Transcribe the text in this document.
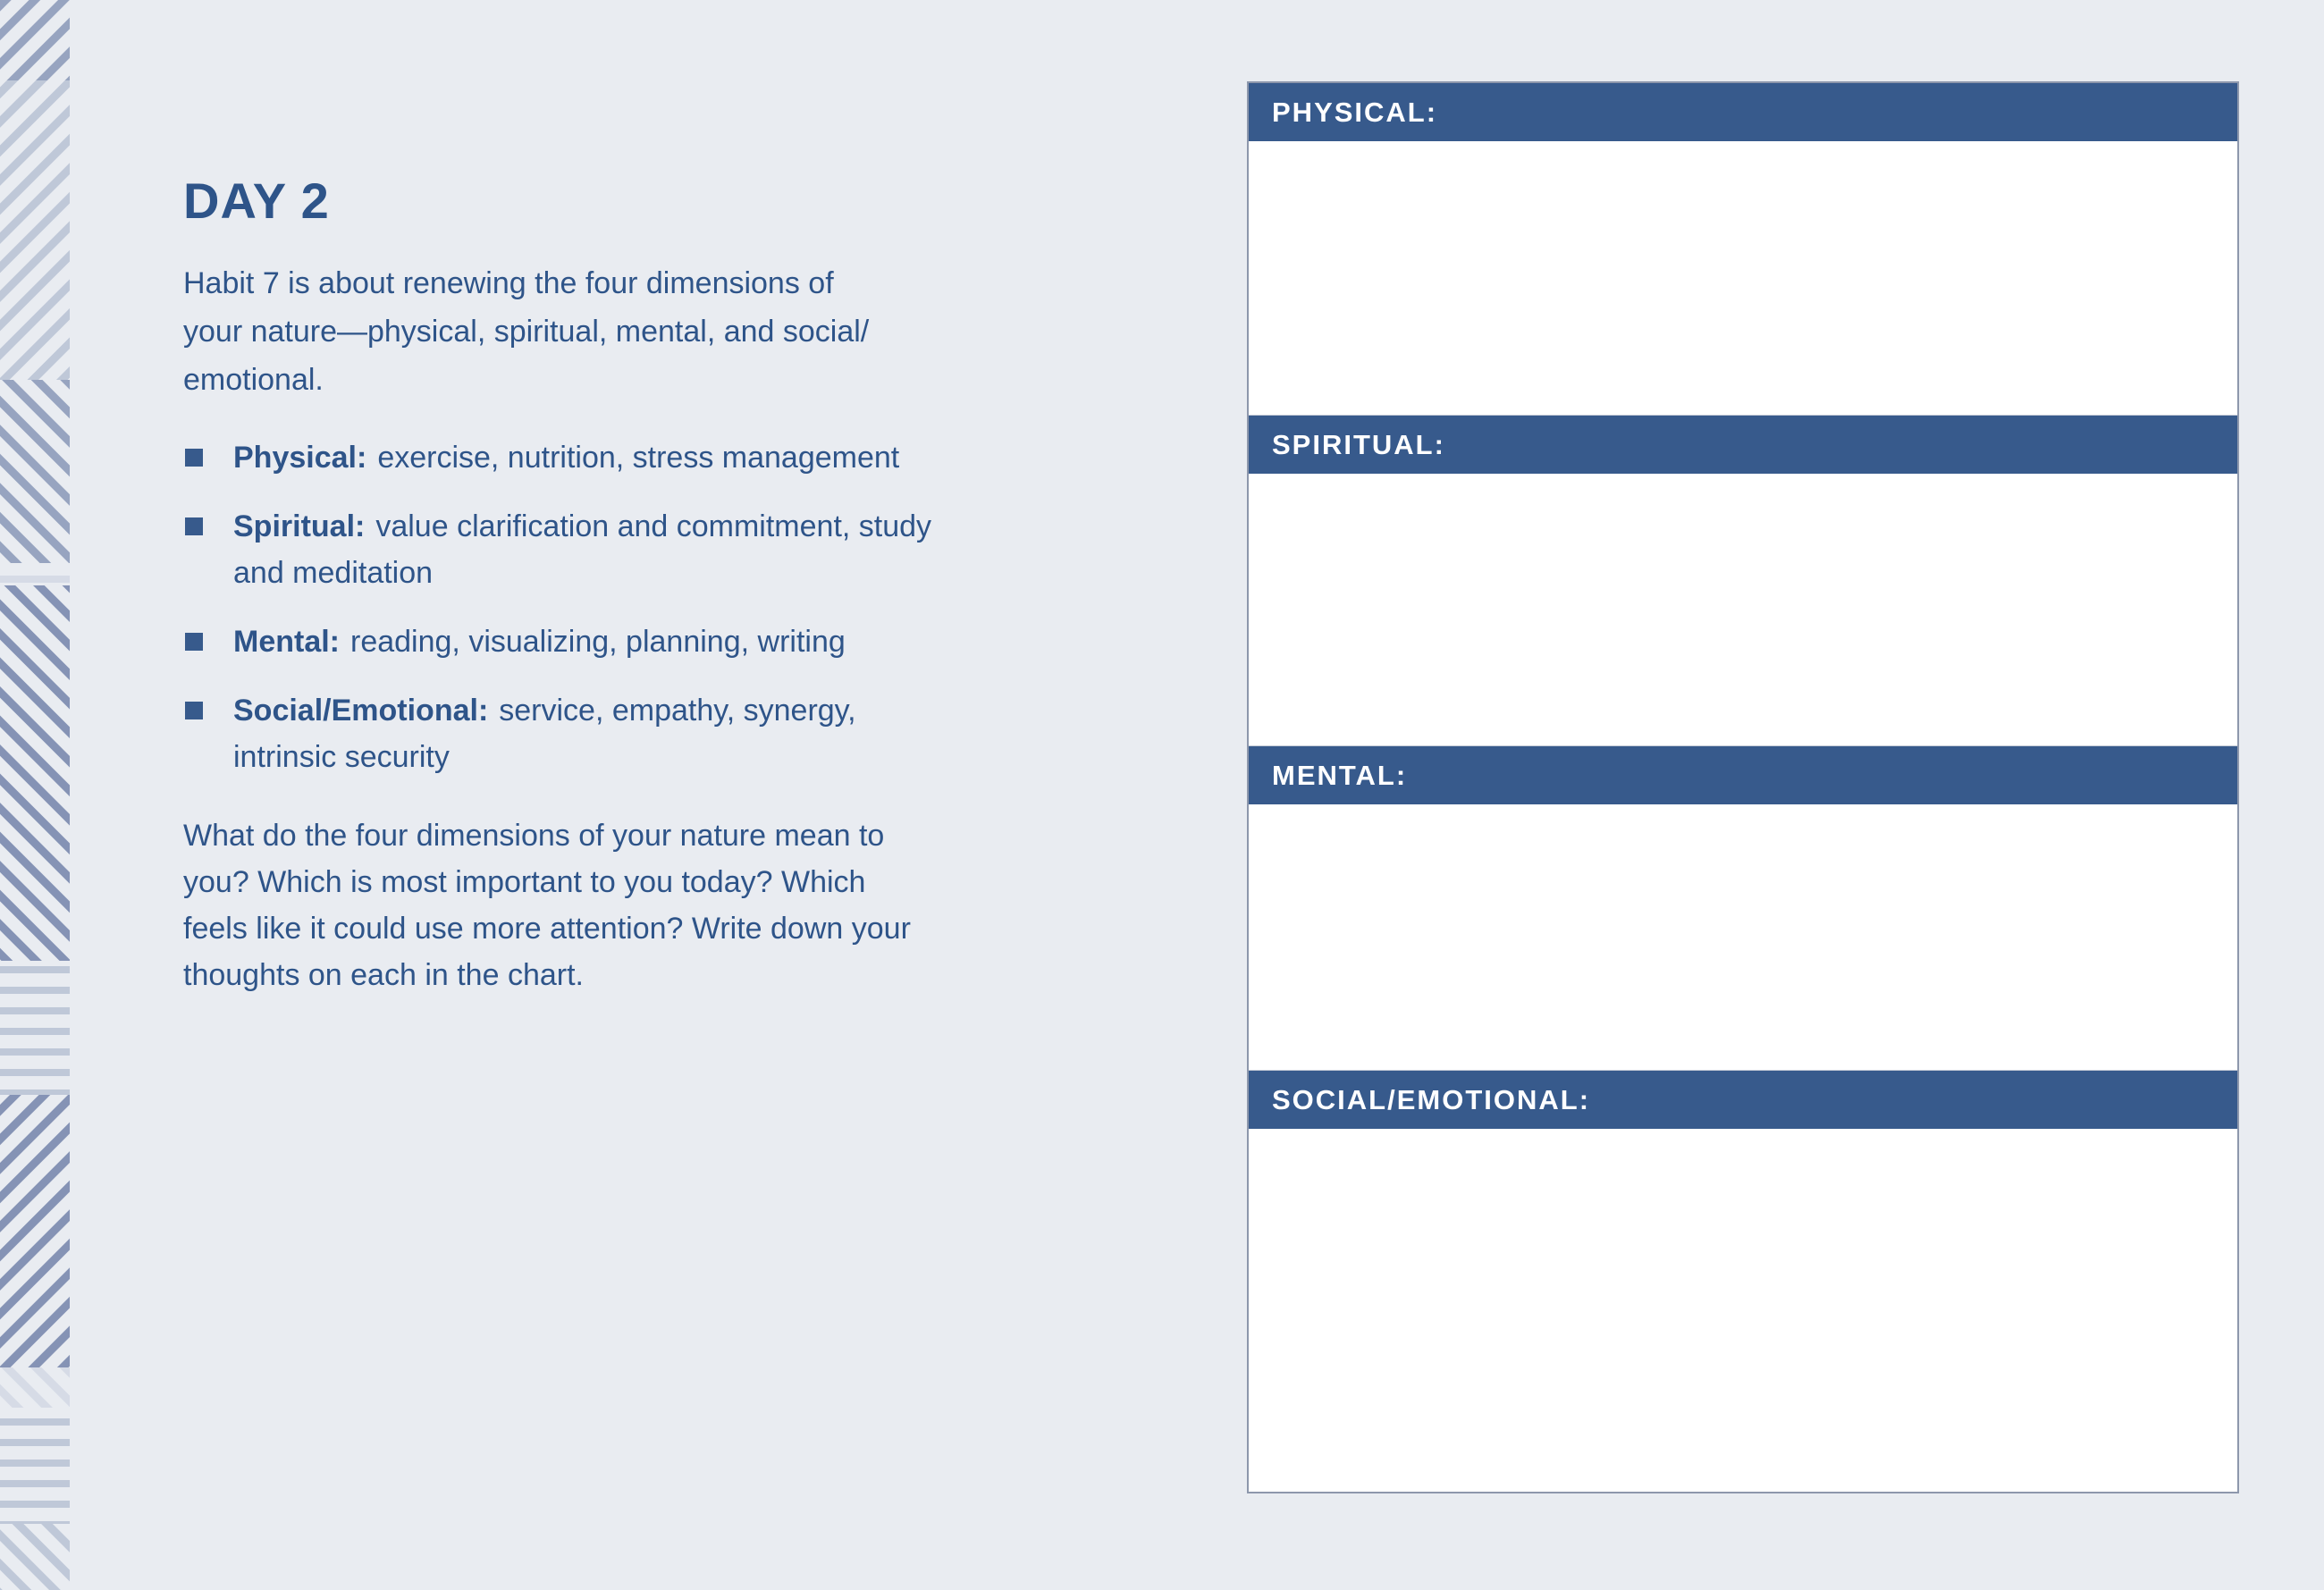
DAY 2
Habit 7 is about renewing the four dimensions of
your nature—physical, spiritual, mental, and social/
emotional.
Physical: exercise, nutrition, stress management
Spiritual: value clarification and commitment, study
and meditation
Mental: reading, visualizing, planning, writing
Social/Emotional: service, empathy, synergy,
intrinsic security
What do the four dimensions of your nature mean to
you? Which is most important to you today? Which
feels like it could use more attention? Write down your
thoughts on each in the chart.
PHYSICAL:
SPIRITUAL:
MENTAL:
SOCIAL/EMOTIONAL:
